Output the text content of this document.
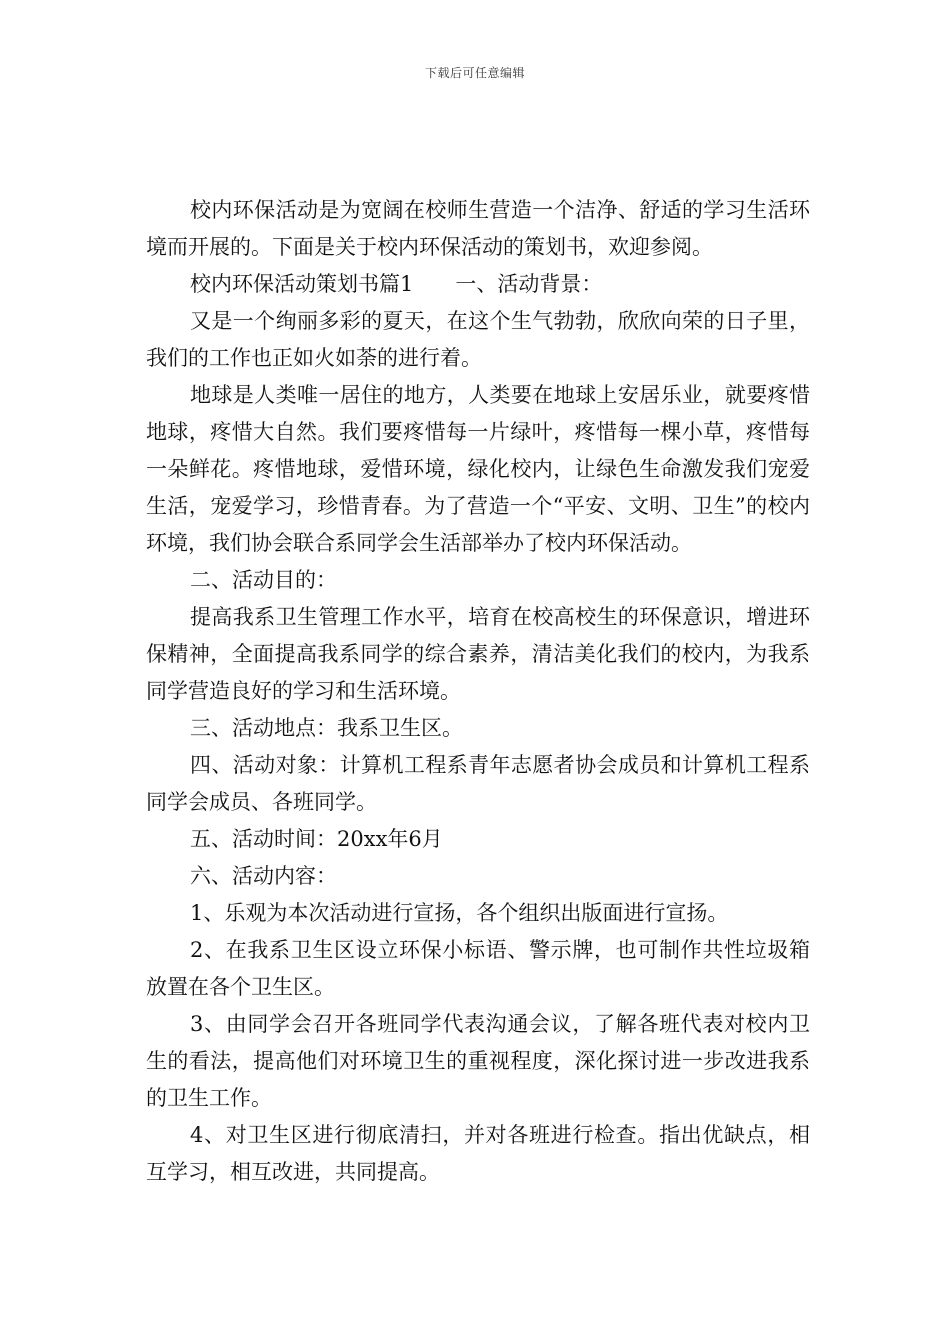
下载后可任意编辑

校内环保活动是为宽阔在校师生营造一个洁净、舒适的学习生活环境而开展的。下面是关于校内环保活动的策划书，欢迎参阅。

校内环保活动策划书篇1　　一、活动背景：

又是一个绚丽多彩的夏天，在这个生气勃勃，欣欣向荣的日子里，我们的工作也正如火如荼的进行着。

地球是人类唯一居住的地方，人类要在地球上安居乐业，就要疼惜地球，疼惜大自然。我们要疼惜每一片绿叶，疼惜每一棵小草，疼惜每一朵鲜花。疼惜地球，爱惜环境，绿化校内，让绿色生命激发我们宠爱生活，宠爱学习，珍惜青春。为了营造一个“平安、文明、卫生”的校内环境，我们协会联合系同学会生活部举办了校内环保活动。

二、活动目的：

提高我系卫生管理工作水平，培育在校高校生的环保意识，增进环保精神，全面提高我系同学的综合素养，清洁美化我们的校内，为我系同学营造良好的学习和生活环境。

三、活动地点：我系卫生区。

四、活动对象：计算机工程系青年志愿者协会成员和计算机工程系同学会成员、各班同学。

五、活动时间：20xx年6月

六、活动内容：

1、乐观为本次活动进行宣扬，各个组织出版面进行宣扬。

2、在我系卫生区设立环保小标语、警示牌，也可制作共性垃圾箱放置在各个卫生区。

3、由同学会召开各班同学代表沟通会议，了解各班代表对校内卫生的看法，提高他们对环境卫生的重视程度，深化探讨进一步改进我系的卫生工作。

4、对卫生区进行彻底清扫，并对各班进行检查。指出优缺点，相互学习，相互改进，共同提高。
